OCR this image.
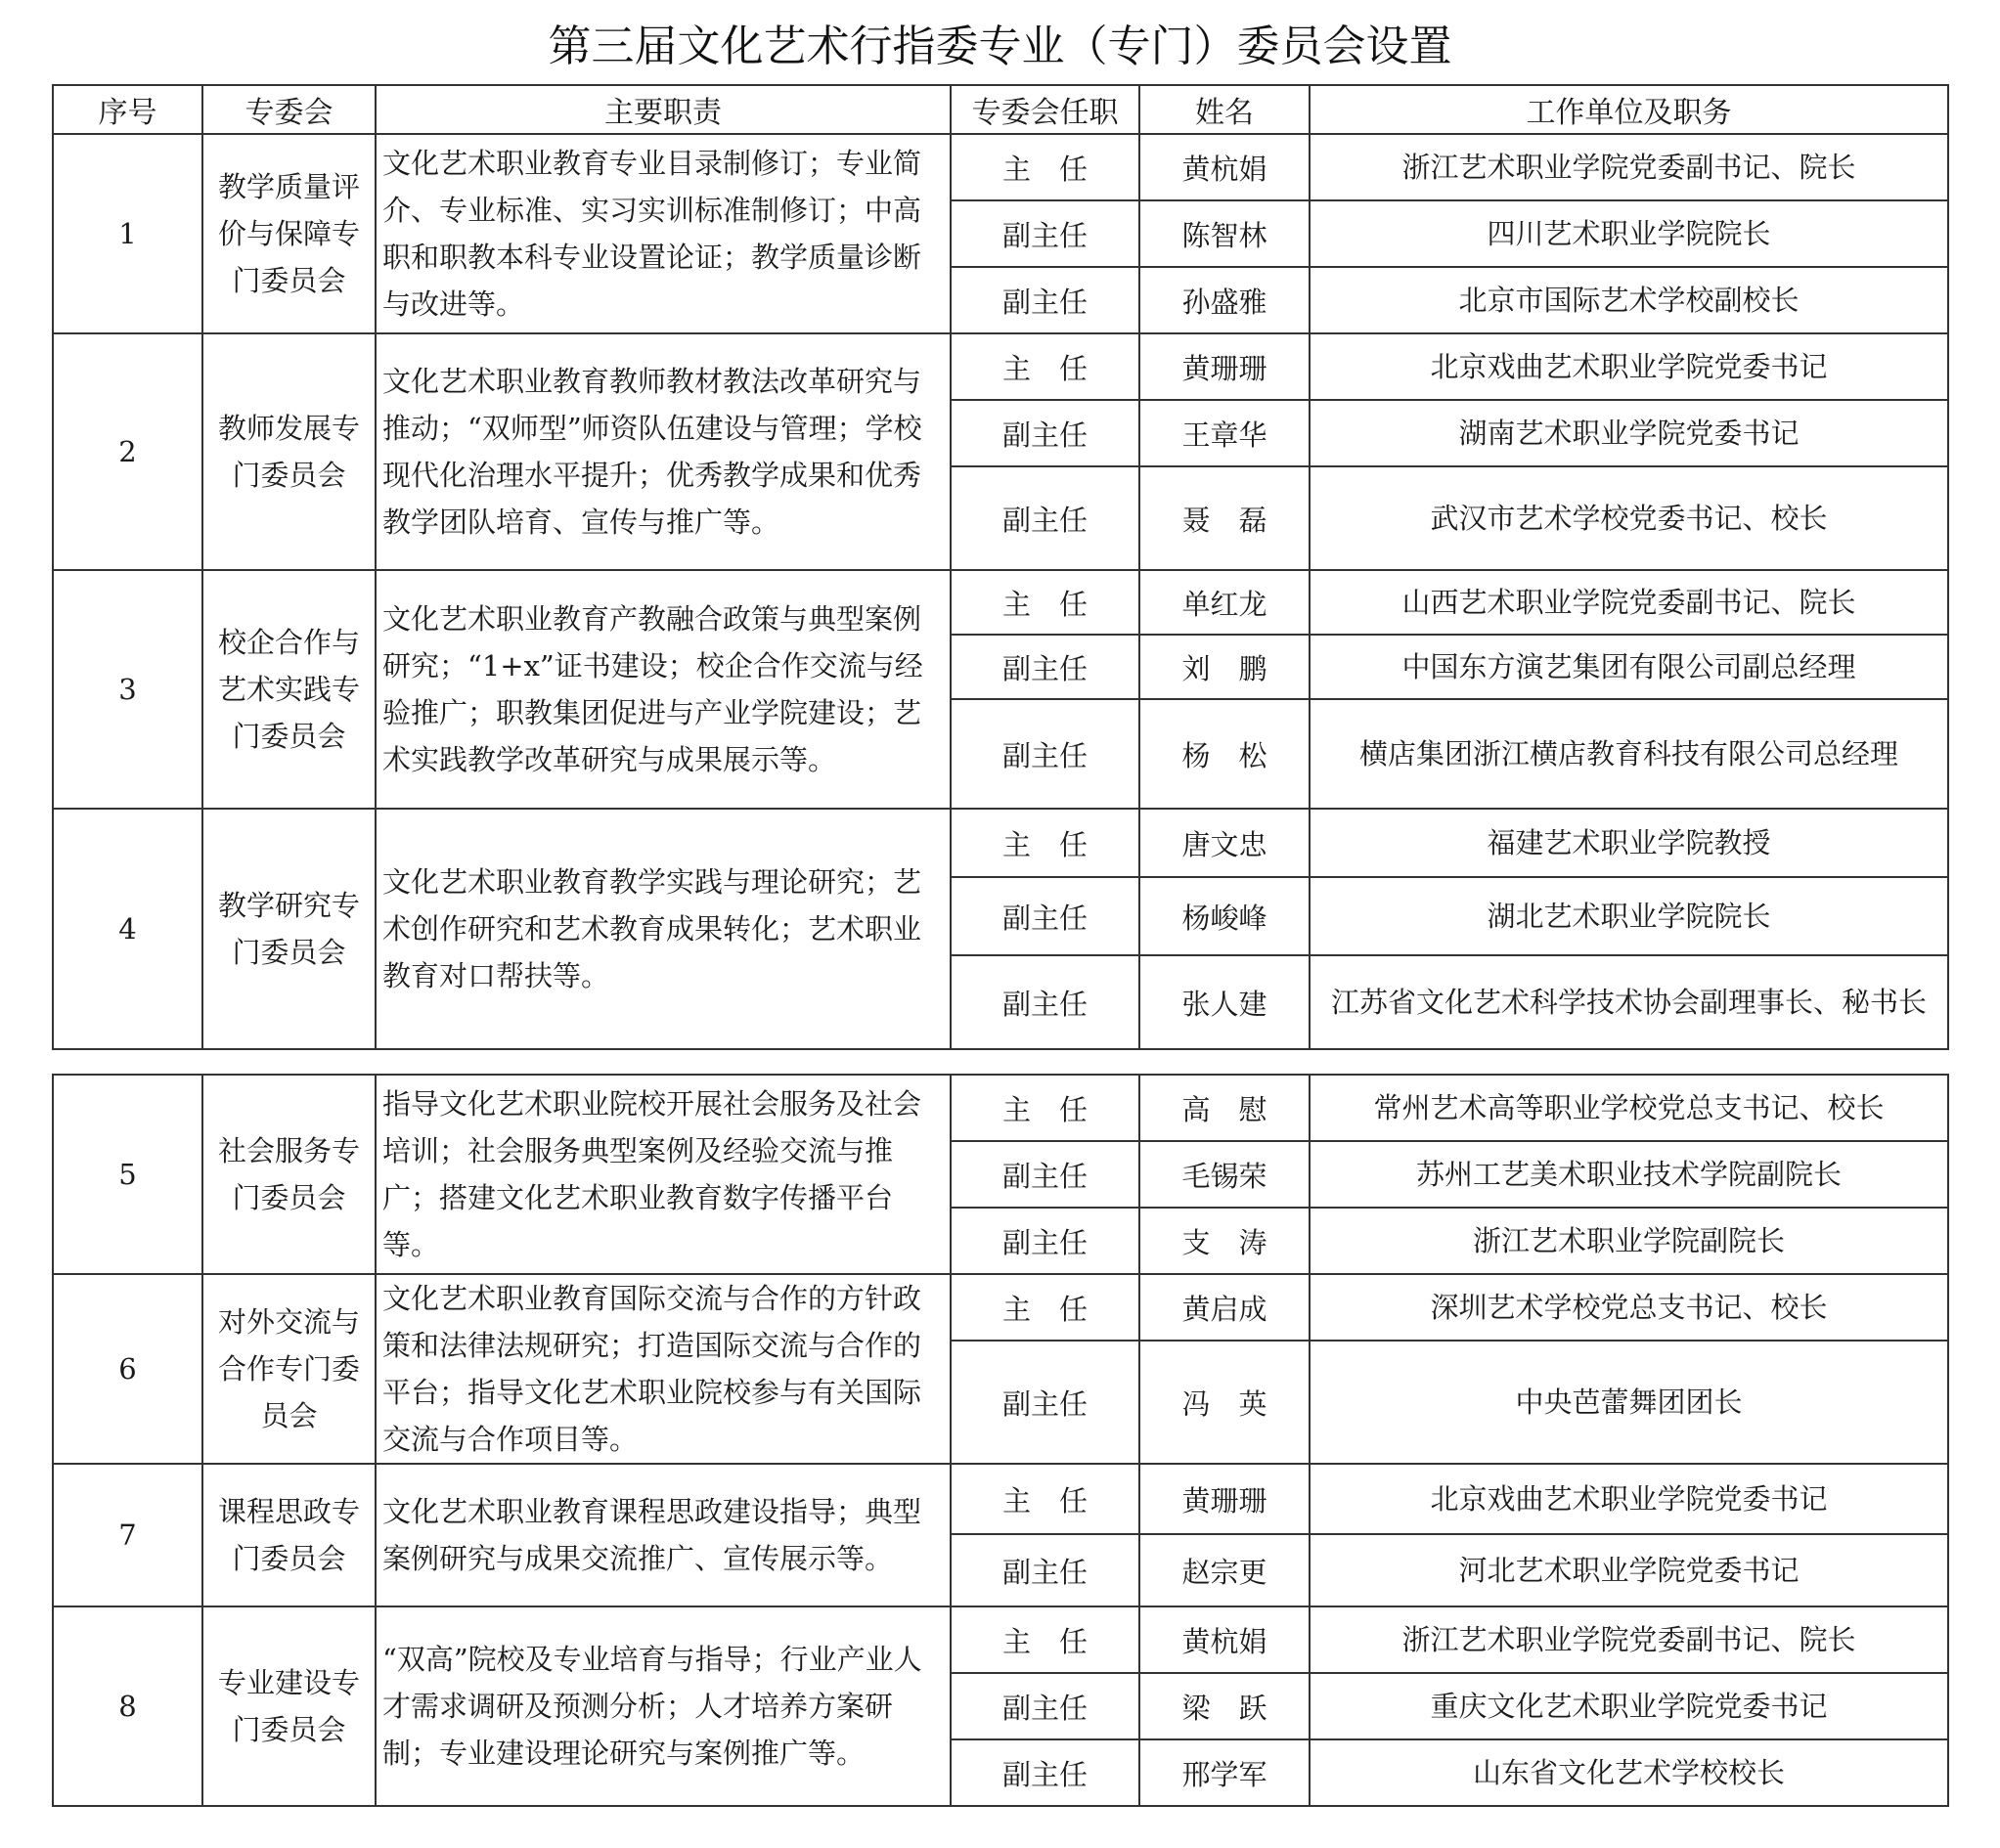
第三届文化艺术行指委专业（专门）委员会设置
序号	专委会	主要职责	专委会任职	姓名	工作单位及职务
1	教学质量评价与保障专门委员会	文化艺术职业教育专业目录制修订；专业简介、专业标准、实习实训标准制修订；中高职和职教本科专业设置论证；教学质量诊断与改进等。	主　任	黄杭娟	浙江艺术职业学院党委副书记、院长
			副主任	陈智林	四川艺术职业学院院长
			副主任	孙盛雅	北京市国际艺术学校副校长
2	教师发展专门委员会	文化艺术职业教育教师教材教法改革研究与推动；“双师型”师资队伍建设与管理；学校现代化治理水平提升；优秀教学成果和优秀教学团队培育、宣传与推广等。	主　任	黄珊珊	北京戏曲艺术职业学院党委书记
			副主任	王章华	湖南艺术职业学院党委书记
			副主任	聂　磊	武汉市艺术学校党委书记、校长
3	校企合作与艺术实践专门委员会	文化艺术职业教育产教融合政策与典型案例研究；“1+x”证书建设；校企合作交流与经验推广；职教集团促进与产业学院建设；艺术实践教学改革研究与成果展示等。	主　任	单红龙	山西艺术职业学院党委副书记、院长
			副主任	刘　鹏	中国东方演艺集团有限公司副总经理
			副主任	杨　松	横店集团浙江横店教育科技有限公司总经理
4	教学研究专门委员会	文化艺术职业教育教学实践与理论研究；艺术创作研究和艺术教育成果转化；艺术职业教育对口帮扶等。	主　任	唐文忠	福建艺术职业学院教授
			副主任	杨峻峰	湖北艺术职业学院院长
			副主任	张人建	江苏省文化艺术科学技术协会副理事长、秘书长
5	社会服务专门委员会	指导文化艺术职业院校开展社会服务及社会培训；社会服务典型案例及经验交流与推广；搭建文化艺术职业教育数字传播平台等。	主　任	高　慰	常州艺术高等职业学校党总支书记、校长
			副主任	毛锡荣	苏州工艺美术职业技术学院副院长
			副主任	支　涛	浙江艺术职业学院副院长
6	对外交流与合作专门委员会	文化艺术职业教育国际交流与合作的方针政策和法律法规研究；打造国际交流与合作的平台；指导文化艺术职业院校参与有关国际交流与合作项目等。	主　任	黄启成	深圳艺术学校党总支书记、校长
			副主任	冯　英	中央芭蕾舞团团长
7	课程思政专门委员会	文化艺术职业教育课程思政建设指导；典型案例研究与成果交流推广、宣传展示等。	主　任	黄珊珊	北京戏曲艺术职业学院党委书记
			副主任	赵宗更	河北艺术职业学院党委书记
8	专业建设专门委员会	“双高”院校及专业培育与指导；行业产业人才需求调研及预测分析；人才培养方案研制；专业建设理论研究与案例推广等。	主　任	黄杭娟	浙江艺术职业学院党委副书记、院长
			副主任	梁　跃	重庆文化艺术职业学院党委书记
			副主任	邢学军	山东省文化艺术学校校长
